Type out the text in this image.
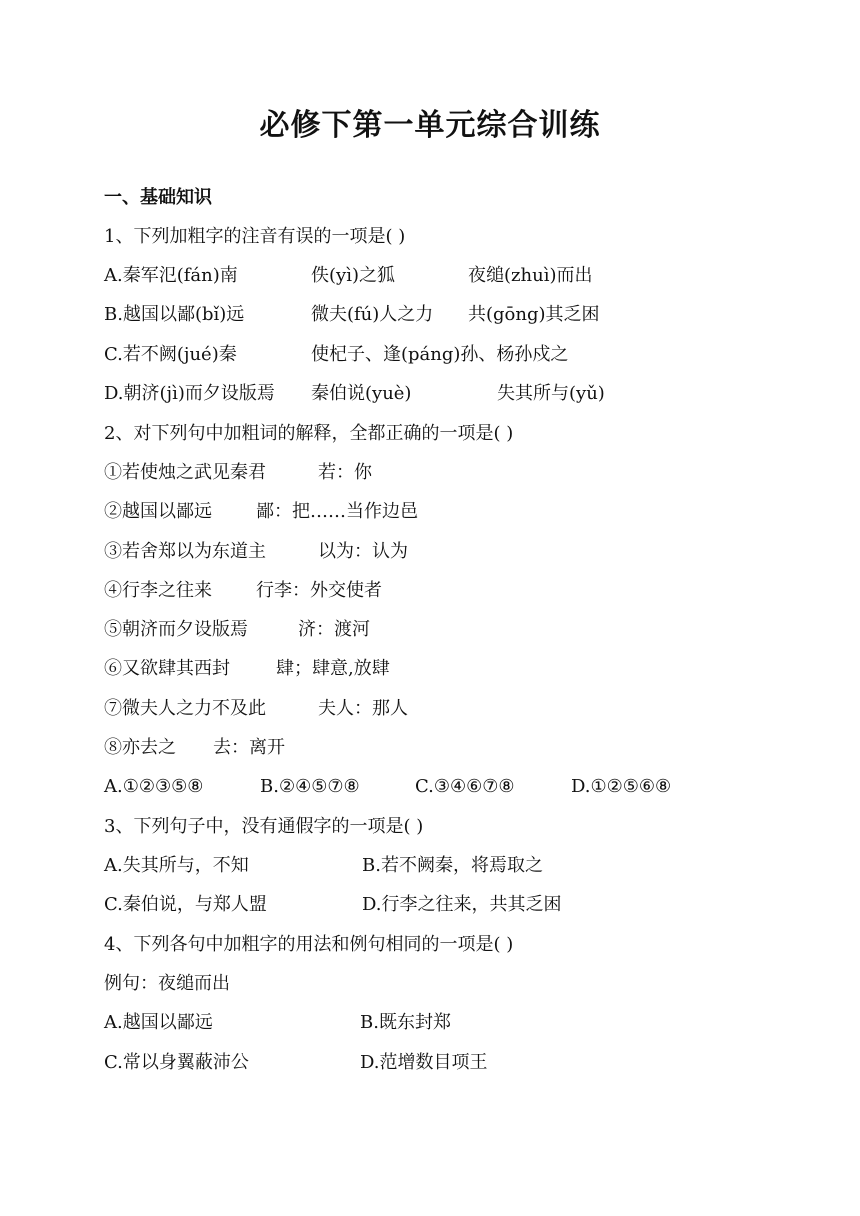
必修下第一单元综合训练
一、基础知识
1、下列加粗字的注音有误的一项是( )
A.秦军氾(fán)南	佚(yì)之狐	夜缒(zhuì)而出
B.越国以鄙(bǐ)远	微夫(fú)人之力 共(gōng)其乏困
C.若不阙(jué)秦	使杞子、逢(páng)孙、杨孙戍之
D.朝济(jì)而夕设版焉 秦伯说(yuè)	失其所与(yǔ)
2、对下列句中加粗词的解释，全都正确的一项是( )
①若使烛之武见秦君	若：你
②越国以鄙远 鄙：把……当作边邑
③若舍郑以为东道主	以为：认为
④行李之往来 行李：外交使者
⑤朝济而夕设版焉	济：渡河
⑥又欲肆其西封	肆；肆意,放肆
⑦微夫人之力不及此	夫人：那人
⑧亦去之 去：离开
A.①②③⑤⑧	B.②④⑤⑦⑧	C.③④⑥⑦⑧	D.①②⑤⑥⑧
3、下列句子中，没有通假字的一项是( )
A.失其所与，不知	B.若不阙秦，将焉取之
C.秦伯说，与郑人盟	D.行李之往来，共其乏困
4、下列各句中加粗字的用法和例句相同的一项是( )
例句：夜缒而出
A.越国以鄙远	B.既东封郑
C.常以身翼蔽沛公	D.范增数目项王
